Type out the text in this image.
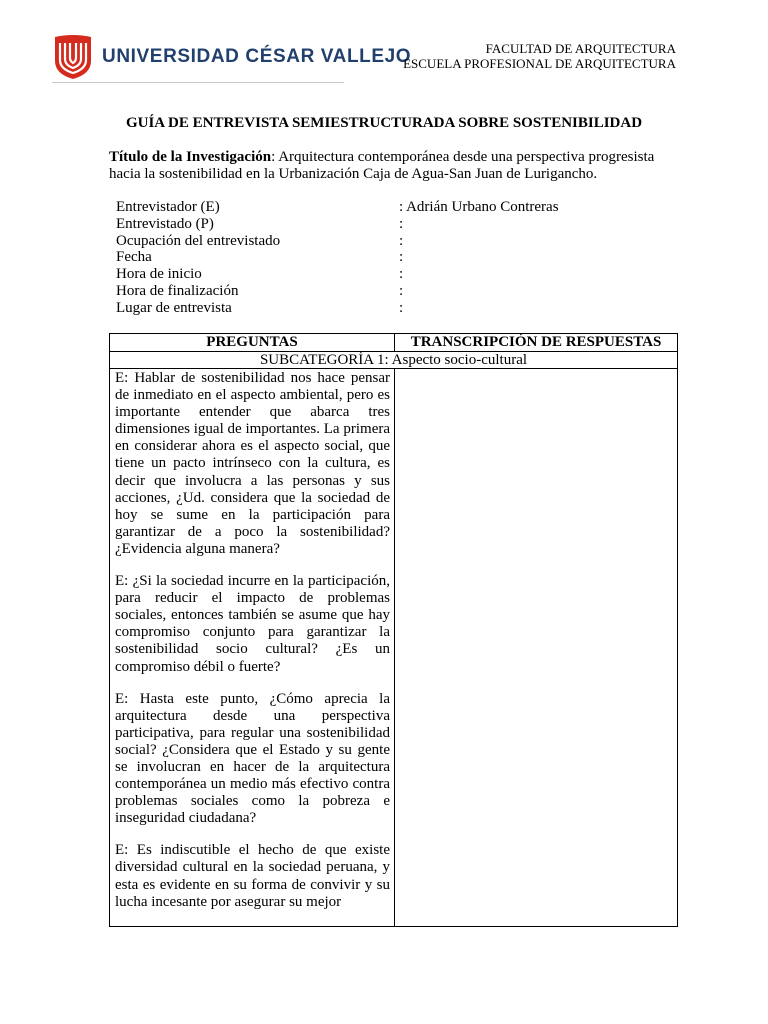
UNIVERSIDAD CÉSAR VALLEJO	FACULTAD DE ARQUITECTURA
ESCUELA PROFESIONAL DE ARQUITECTURA
GUÍA DE ENTREVISTA SEMIESTRUCTURADA SOBRE SOSTENIBILIDAD
Título de la Investigación: Arquitectura contemporánea desde una perspectiva progresista hacia la sostenibilidad en la Urbanización Caja de Agua-San Juan de Lurigancho.
Entrevistador (E)	: Adrián Urbano Contreras
Entrevistado (P)	:
Ocupación del entrevistado	:
Fecha	:
Hora de inicio	:
Hora de finalización	:
Lugar de entrevista	:
PREGUNTAS	TRANSCRIPCIÓN DE RESPUESTAS
SUBCATEGORÍA 1: Aspecto socio-cultural	

E: Hablar de sostenibilidad nos hace pensar de inmediato en el aspecto ambiental, pero es importante entender que abarca tres dimensiones igual de importantes. La primera en considerar ahora es el aspecto social, que tiene un pacto intrínseco con la cultura, es decir que involucra a las personas y sus acciones, ¿Ud. considera que la sociedad de hoy se sume en la participación para garantizar de a poco la sostenibilidad? ¿Evidencia alguna manera?

E: ¿Si la sociedad incurre en la participación, para reducir el impacto de problemas sociales, entonces también se asume que hay compromiso conjunto para garantizar la sostenibilidad socio cultural? ¿Es un compromiso débil o fuerte?

E: Hasta este punto, ¿Cómo aprecia la arquitectura desde una perspectiva participativa, para regular una sostenibilidad social? ¿Considera que el Estado y su gente se involucran en hacer de la arquitectura contemporánea un medio más efectivo contra problemas sociales como la pobreza e inseguridad ciudadana?

E: Es indiscutible el hecho de que existe diversidad cultural en la sociedad peruana, y esta es evidente en su forma de convivir y su lucha incesante por asegurar su mejor	
